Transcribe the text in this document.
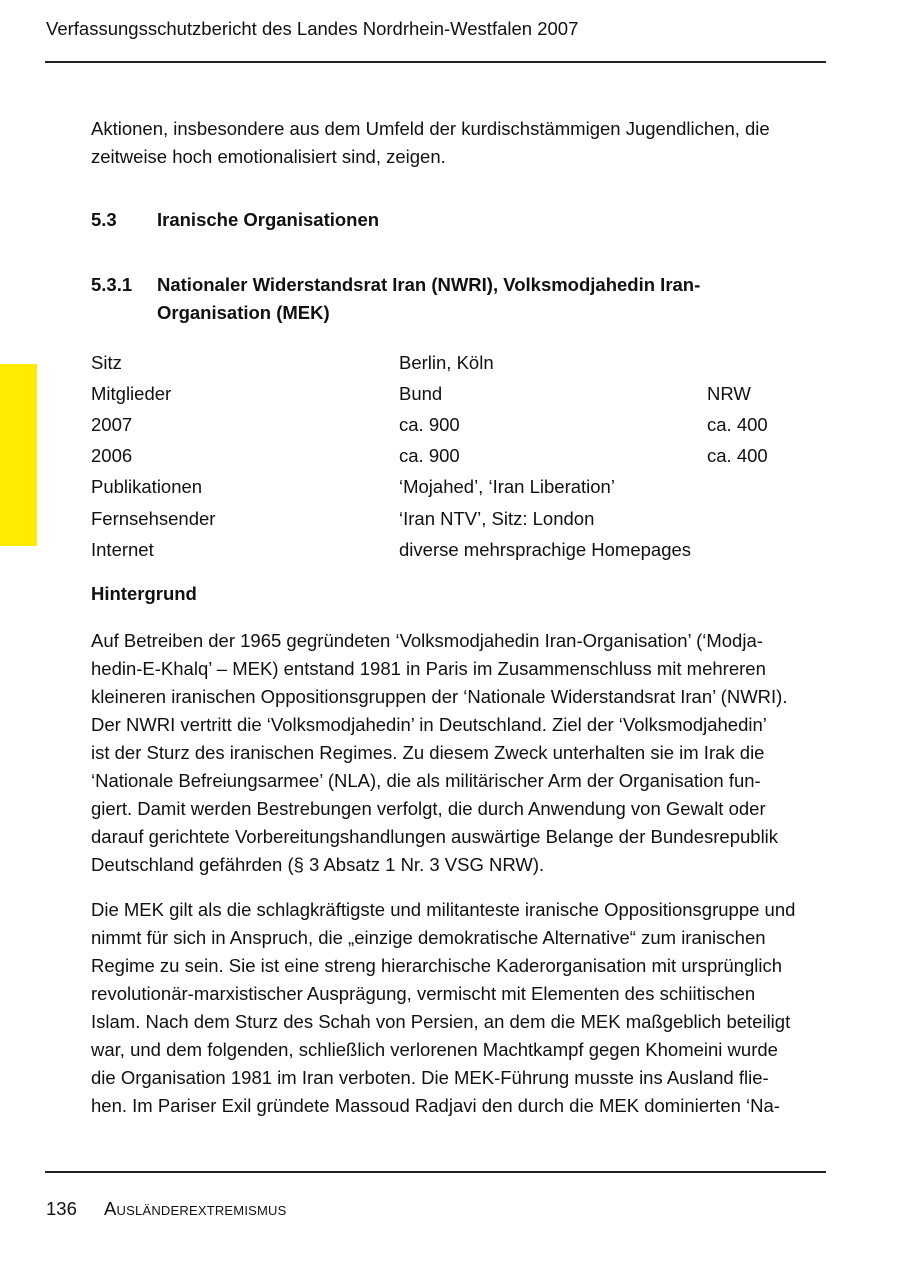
Verfassungsschutzbericht des Landes Nordrhein-Westfalen 2007

Aktionen, insbesondere aus dem Umfeld der kurdischstämmigen Jugendlichen, die

zeitweise hoch emotionalisiert sind, zeigen.

5.3	Iranische Organisationen
5.3.1	Nationaler Widerstandsrat Iran (NWRI), Volksmodjahedin Iran-
Organisation (MEK)
Sitz	Berlin, Köln	
Mitglieder	Bund	NRW
2007	ca. 900	ca. 400
2006	ca. 900	ca. 400
Publikationen	‘Mojahed’, ‘Iran Liberation’	
Fernsehsender	‘Iran NTV’, Sitz: London	
Internet	diverse mehrsprachige Homepages	
Hintergrund

Auf Betreiben der 1965 gegründeten ‘Volksmodjahedin Iran-Organisation’ (‘Modja-

hedin-E-Khalq’ – MEK) entstand 1981 in Paris im Zusammenschluss mit mehreren

kleineren iranischen Oppositionsgruppen der ‘Nationale Widerstandsrat Iran’ (NWRI).

Der NWRI vertritt die ‘Volksmodjahedin’ in Deutschland. Ziel der ‘Volksmodjahedin’

ist der Sturz des iranischen Regimes. Zu diesem Zweck unterhalten sie im Irak die

‘Nationale Befreiungsarmee’ (NLA), die als militärischer Arm der Organisation fun-

giert. Damit werden Bestrebungen verfolgt, die durch Anwendung von Gewalt oder

darauf gerichtete Vorbereitungshandlungen auswärtige Belange der Bundesrepublik

Deutschland gefährden (§ 3 Absatz 1 Nr. 3 VSG NRW).

Die MEK gilt als die schlagkräftigste und militanteste iranische Oppositionsgruppe und

nimmt für sich in Anspruch, die „einzige demokratische Alternative“ zum iranischen

Regime zu sein. Sie ist eine streng hierarchische Kaderorganisation mit ursprünglich

revolutionär-marxistischer Ausprägung, vermischt mit Elementen des schiitischen

Islam. Nach dem Sturz des Schah von Persien, an dem die MEK maßgeblich beteiligt

war, und dem folgenden, schließlich verlorenen Machtkampf gegen Khomeini wurde

die Organisation 1981 im Iran verboten. Die MEK-Führung musste ins Ausland flie-

hen. Im Pariser Exil gründete Massoud Radjavi den durch die MEK dominierten ‘Na-

136 Ausländerextremismus
